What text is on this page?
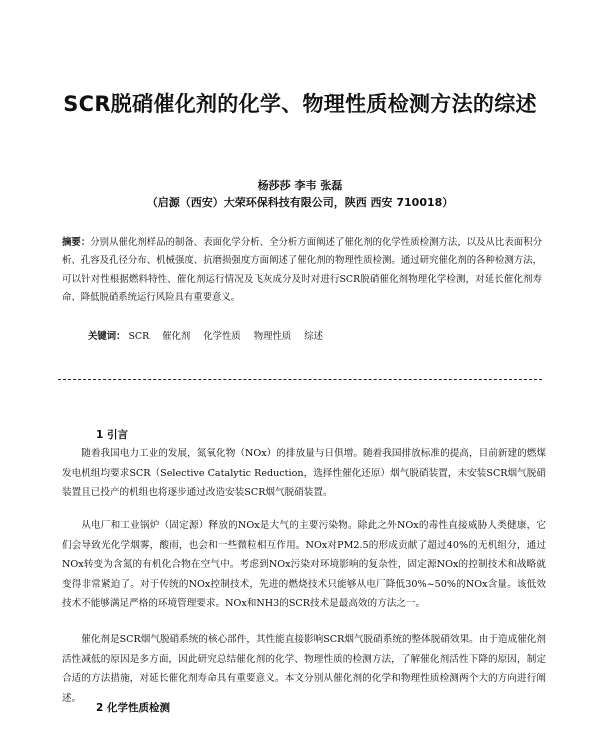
SCR脱硝催化剂的化学、物理性质检测方法的综述
杨莎莎 李韦 张磊
（启源（西安）大荣环保科技有限公司，陕西 西安 710018）
摘要：分别从催化剂样品的制备、表面化学分析、全分析方面阐述了催化剂的化学性质检测方法，以及从比表面积分析、孔容及孔径分布、机械强度、抗磨损强度方面阐述了催化剂的物理性质检测。通过研究催化剂的各种检测方法，可以针对性根据燃料特性、催化剂运行情况及飞灰成分及时对进行SCR脱硝催化剂物理化学检测，对延长催化剂寿命、降低脱硝系统运行风险具有重要意义。
关键词： SCR 催化剂 化学性质 物理性质 综述
1 引言

随着我国电力工业的发展，氮氧化物（NOx）的排放量与日俱增。随着我国排放标准的提高，目前新建的燃煤发电机组均要求SCR（Selective Catalytic Reduction，选择性催化还原）烟气脱硝装置，未安装SCR烟气脱硝装置且已投产的机组也将逐步通过改造安装SCR烟气脱硝装置。

从电厂和工业锅炉（固定源）释放的NOx是大气的主要污染物。除此之外NOx的毒性直接威胁人类健康，它们会导致光化学烟雾，酸雨，也会和一些微粒相互作用。NOx对PM2.5的形成贡献了超过40%的无机组分，通过NOx转变为含氮的有机化合物在空气中。考虑到NOx污染对环境影响的复杂性，固定源NOx的控制技术和战略就变得非常紧迫了。对于传统的NOx控制技术，先进的燃烧技术只能够从电厂降低30%~50%的NOx含量。该低效技术不能够满足严格的环境管理要求。NOx和NH3的SCR技术是最高效的方法之一。

催化剂是SCR烟气脱硝系统的核心部件，其性能直接影响SCR烟气脱硝系统的整体脱硝效果。由于造成催化剂活性减低的原因是多方面，因此研究总结催化剂的化学、物理性质的检测方法，了解催化剂活性下降的原因，制定合适的方法措施，对延长催化剂寿命具有重要意义。本文分别从催化剂的化学和物理性质检测两个大的方向进行阐述。

2 化学性质检测
